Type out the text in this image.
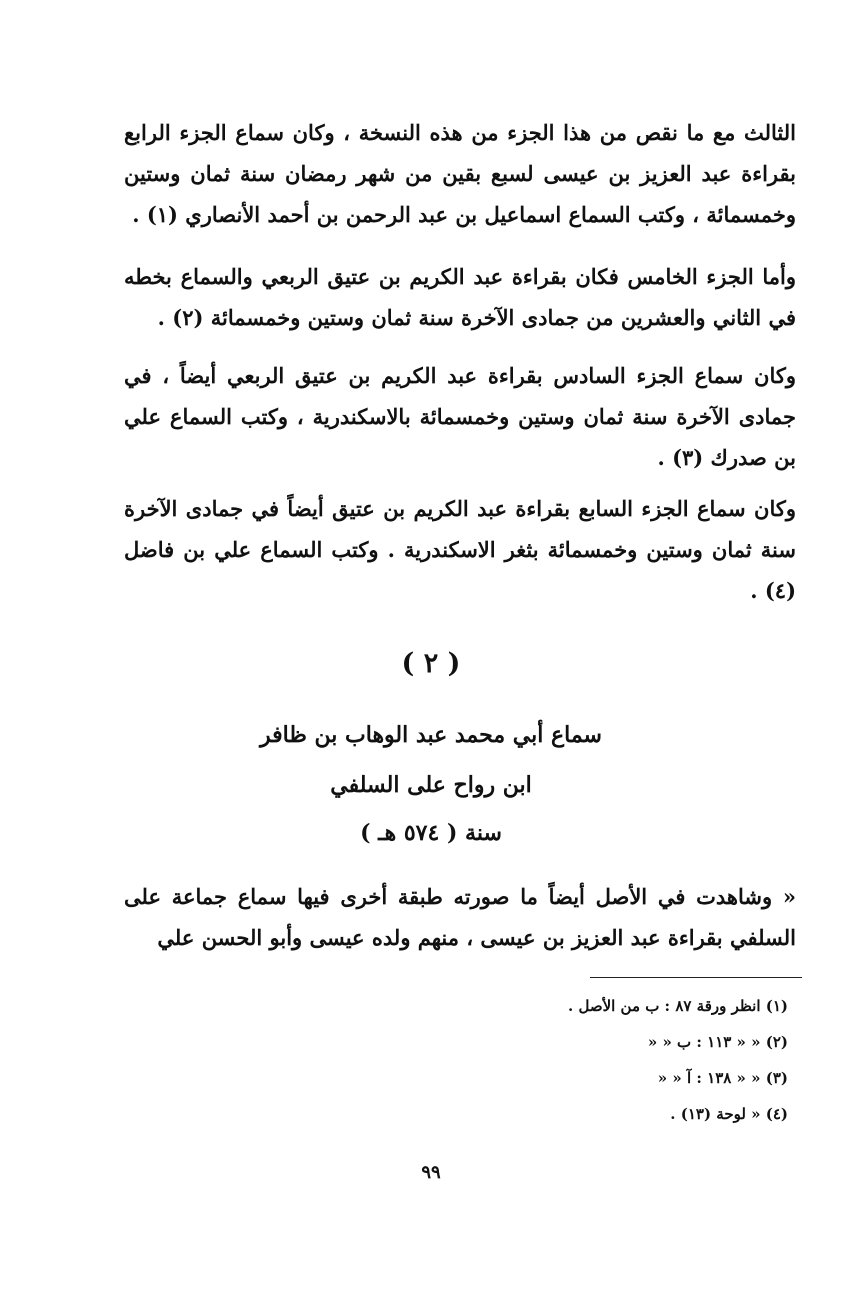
الثالث مع ما نقص من هذا الجزء من هذه النسخة ، وكان سماع الجزء الرابع بقراءة عبد العزيز بن عيسى لسبع بقين من شهر رمضان سنة ثمان وستين وخمسمائة ، وكتب السماع اسماعيل بن عبد الرحمن بن أحمد الأنصاري (١) .

وأما الجزء الخامس فكان بقراءة عبد الكريم بن عتيق الربعي والسماع بخطه في الثاني والعشرين من جمادى الآخرة سنة ثمان وستين وخمسمائة (٢) .

وكان سماع الجزء السادس بقراءة عبد الكريم بن عتيق الربعي أيضاً ، في جمادى الآخرة سنة ثمان وستين وخمسمائة بالاسكندرية ، وكتب السماع علي بن صدرك (٣) .

وكان سماع الجزء السابع بقراءة عبد الكريم بن عتيق أيضاً في جمادى الآخرة سنة ثمان وستين وخمسمائة بثغر الاسكندرية . وكتب السماع علي بن فاضل (٤) .

( ٢ )
سماع أبي محمد عبد الوهاب بن ظافر
ابن رواح على السلفي
سنة ( ٥٧٤ هـ )

« وشاهدت في الأصل أيضاً ما صورته طبقة أخرى فيها سماع جماعة على السلفي بقراءة عبد العزيز بن عيسى ، منهم ولده عيسى وأبو الحسن علي

(١) انظر ورقة ٨٧ : ب من الأصل .
(٢) « « ١١٣ : ب « «
(٣) « « ١٣٨ : آ « «
(٤) « لوحة (١٣) .
٩٩
